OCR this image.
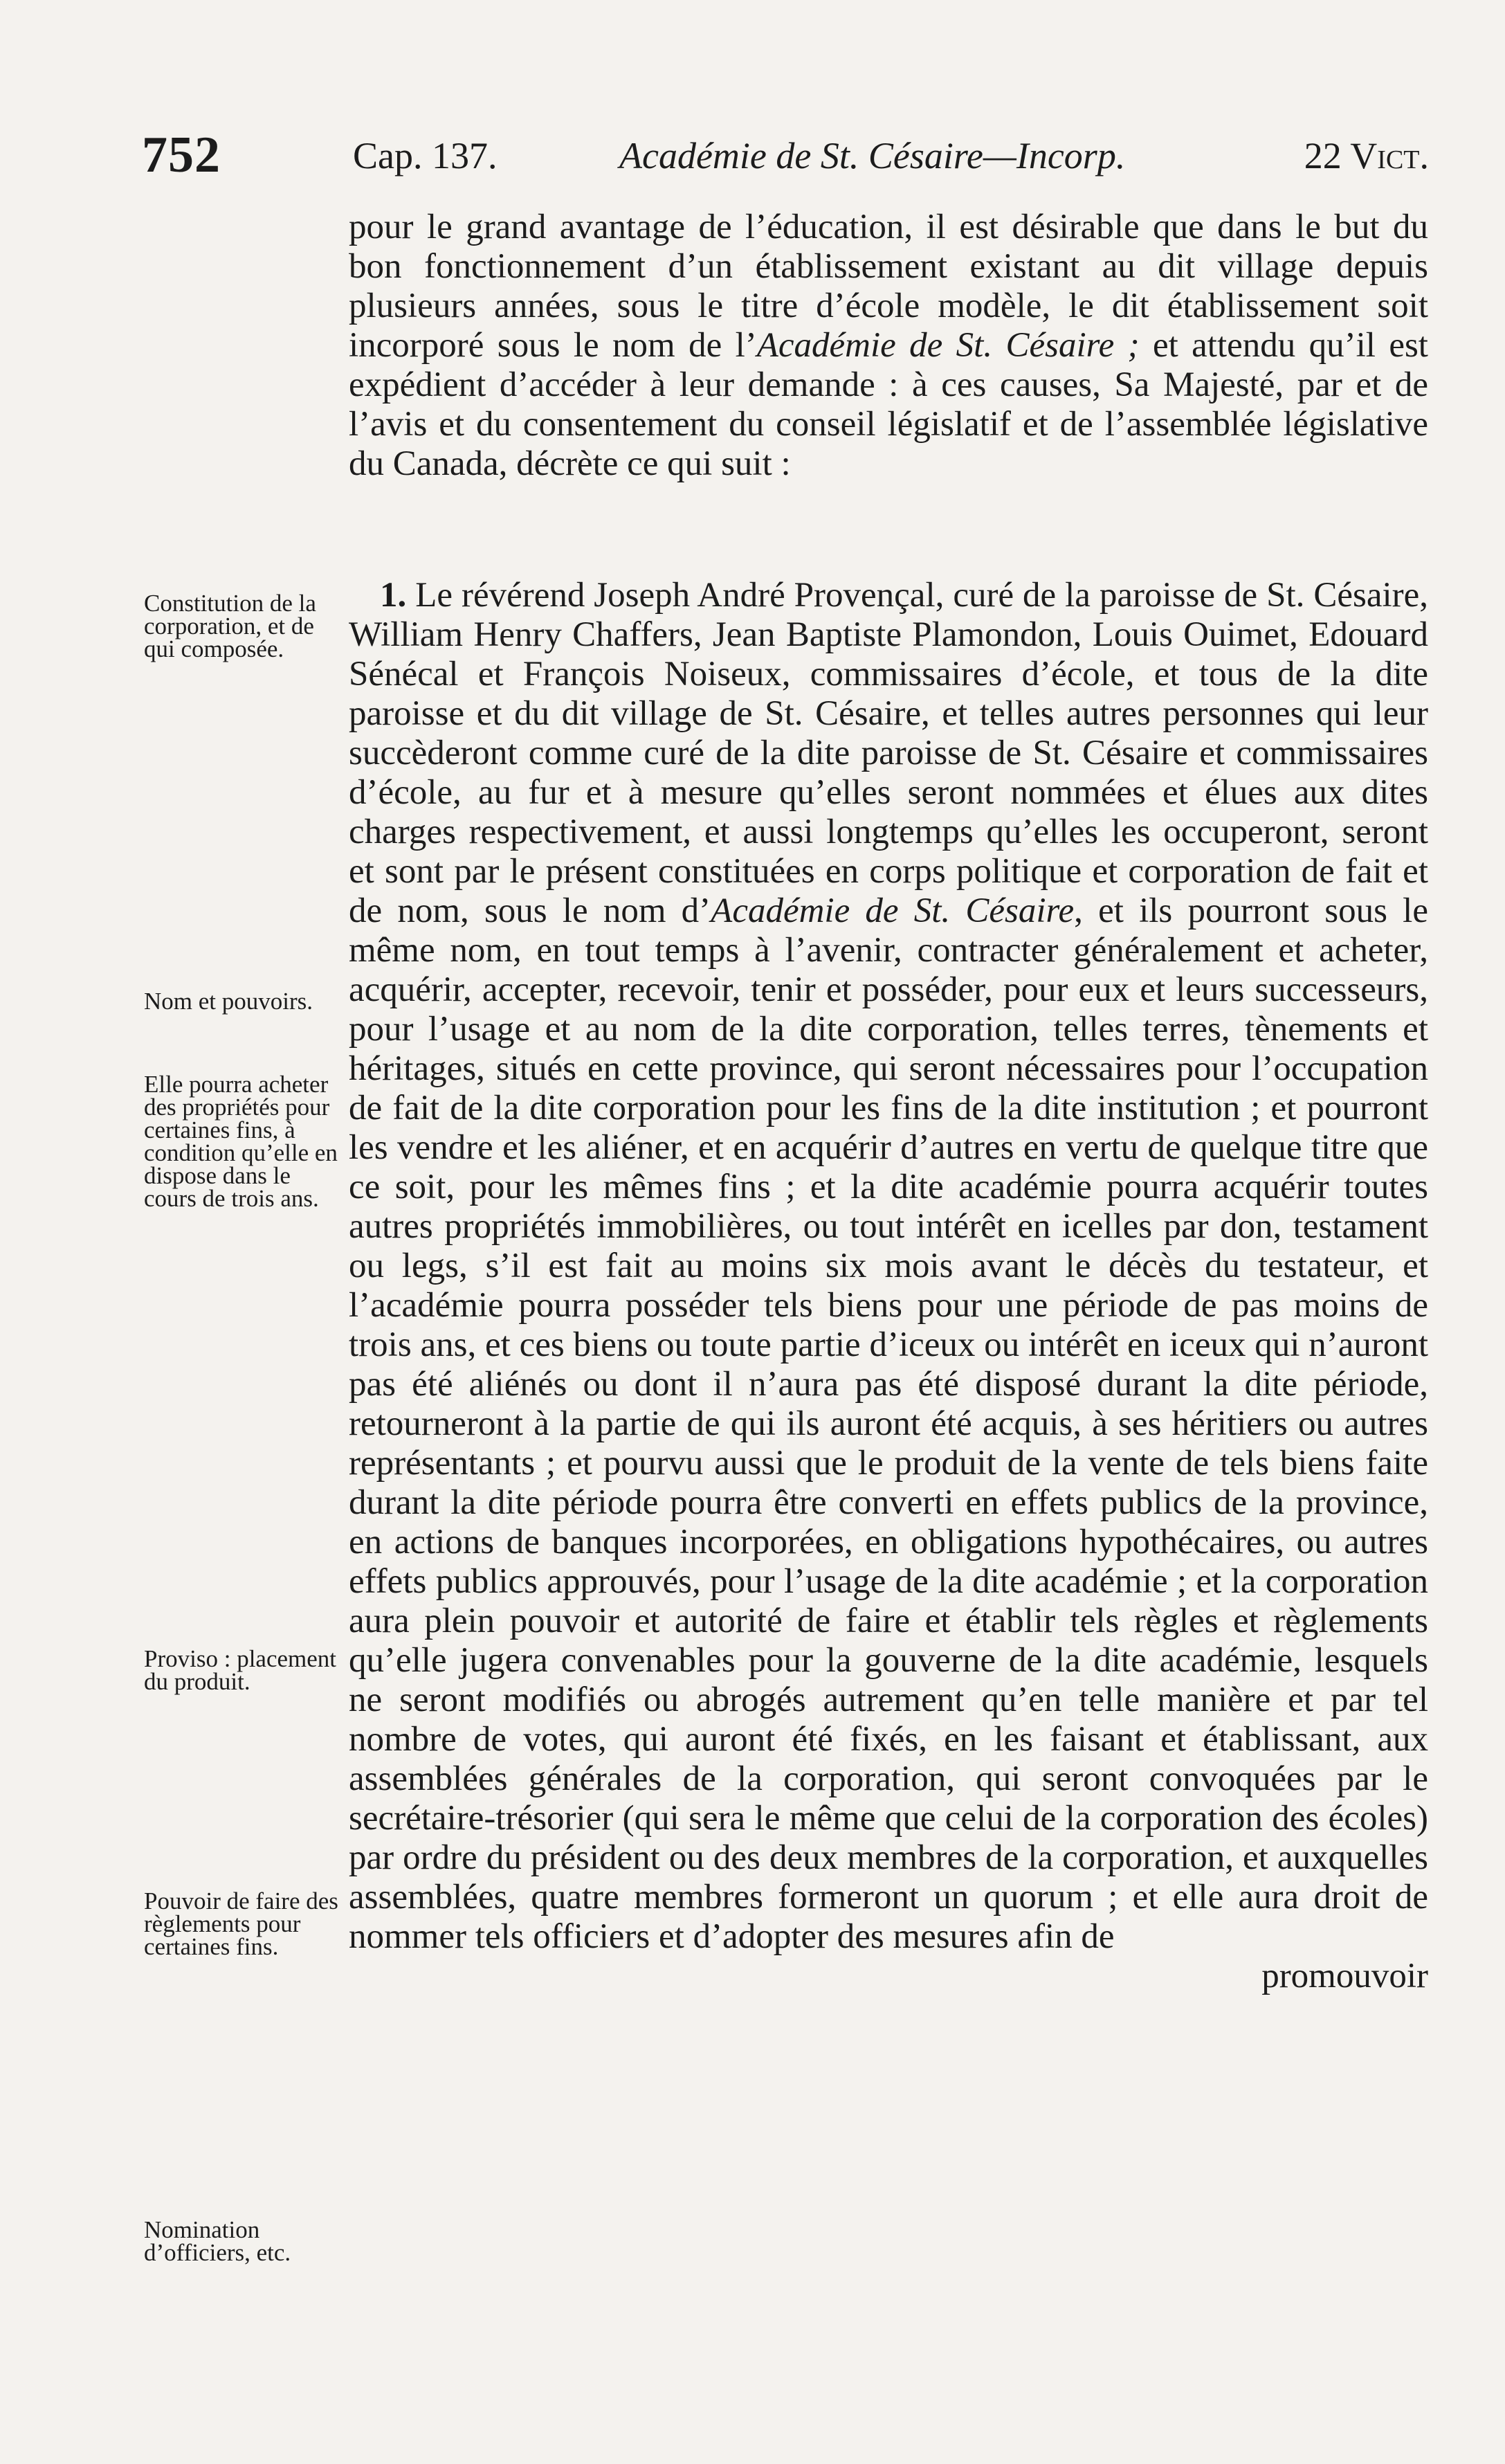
752	Cap. 137.	Académie de St. Césaire—Incorp.	22 Vict.

pour le grand avantage de l’éducation, il est désirable que dans le but du bon fonctionnement d’un établissement existant au dit village depuis plusieurs années, sous le titre d’école modèle, le dit établissement soit incorporé sous le nom de l’Académie de St. Césaire ; et attendu qu’il est expédient d’accéder à leur demande : à ces causes, Sa Majesté, par et de l’avis et du consentement du conseil législatif et de l’assemblée législative du Canada, décrète ce qui suit :

1. Le révérend Joseph André Provençal, curé de la paroisse de St. Césaire, William Henry Chaffers, Jean Baptiste Plamondon, Louis Ouimet, Edouard Sénécal et François Noiseux, commissaires d’école, et tous de la dite paroisse et du dit village de St. Césaire, et telles autres personnes qui leur succèderont comme curé de la dite paroisse de St. Césaire et commissaires d’école, au fur et à mesure qu’elles seront nommées et élues aux dites charges respectivement, et aussi longtemps qu’elles les occuperont, seront et sont par le présent constituées en corps politique et corporation de fait et de nom, sous le nom d’Académie de St. Césaire, et ils pourront sous le même nom, en tout temps à l’avenir, contracter généralement et acheter, acquérir, accepter, recevoir, tenir et posséder, pour eux et leurs successeurs, pour l’usage et au nom de la dite corporation, telles terres, tènements et héritages, situés en cette province, qui seront nécessaires pour l’occupation de fait de la dite corporation pour les fins de la dite institution ; et pourront les vendre et les aliéner, et en acquérir d’autres en vertu de quelque titre que ce soit, pour les mêmes fins ; et la dite académie pourra acquérir toutes autres propriétés immobilières, ou tout intérêt en icelles par don, testament ou legs, s’il est fait au moins six mois avant le décès du testateur, et l’académie pourra posséder tels biens pour une période de pas moins de trois ans, et ces biens ou toute partie d’iceux ou intérêt en iceux qui n’auront pas été aliénés ou dont il n’aura pas été disposé durant la dite période, retourneront à la partie de qui ils auront été acquis, à ses héritiers ou autres représentants ; et pourvu aussi que le produit de la vente de tels biens faite durant la dite période pourra être converti en effets publics de la province, en actions de banques incorporées, en obligations hypothécaires, ou autres effets publics approuvés, pour l’usage de la dite académie ; et la corporation aura plein pouvoir et autorité de faire et établir tels règles et règlements qu’elle jugera convenables pour la gouverne de la dite académie, lesquels ne seront modifiés ou abrogés autrement qu’en telle manière et par tel nombre de votes, qui auront été fixés, en les faisant et établissant, aux assemblées générales de la corporation, qui seront convoquées par le secrétaire-trésorier (qui sera le même que celui de la corporation des écoles) par ordre du président ou des deux membres de la corporation, et auxquelles assemblées, quatre membres formeront un quorum ; et elle aura droit de nommer tels officiers et d’adopter des mesures afin de

promouvoir

Constitution de la corporation, et de qui composée.

Nom et pouvoirs.

Elle pourra acheter des propriétés pour certaines fins, à condition qu’elle en dispose dans le cours de trois ans.

Proviso : placement du produit.

Pouvoir de faire des règlements pour certaines fins.

Nomination d’officiers, etc.
